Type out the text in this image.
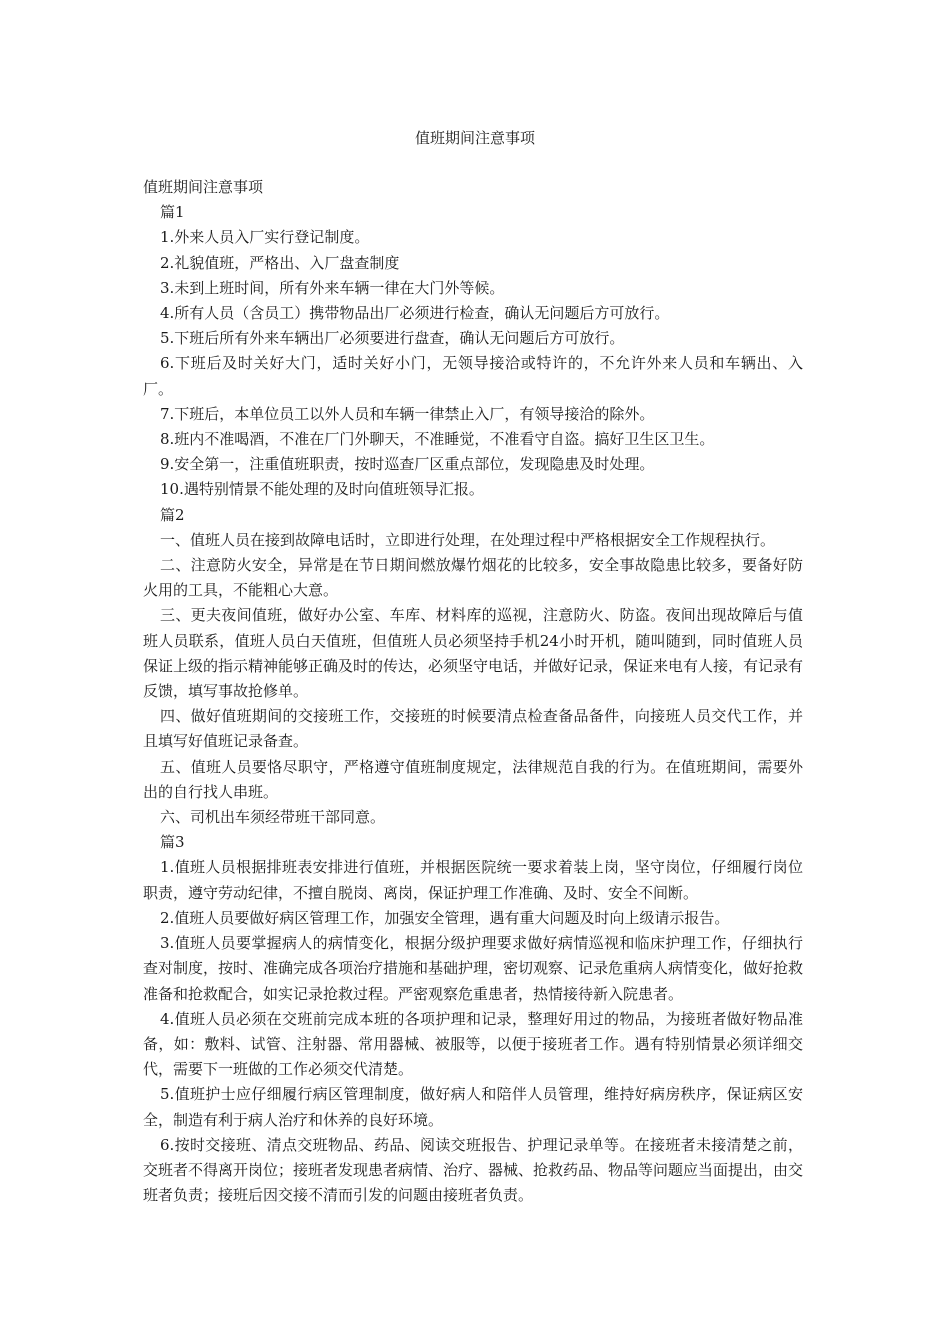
值班期间注意事项

值班期间注意事项

篇1

1.外来人员入厂实行登记制度。

2.礼貌值班，严格出、入厂盘查制度

3.未到上班时间，所有外来车辆一律在大门外等候。

4.所有人员（含员工）携带物品出厂必须进行检查，确认无问题后方可放行。

5.下班后所有外来车辆出厂必须要进行盘查，确认无问题后方可放行。

6.下班后及时关好大门，适时关好小门，无领导接洽或特许的，不允许外来人员和车辆出、入厂。

7.下班后，本单位员工以外人员和车辆一律禁止入厂，有领导接洽的除外。

8.班内不准喝酒，不准在厂门外聊天，不准睡觉，不准看守自盗。搞好卫生区卫生。

9.安全第一，注重值班职责，按时巡查厂区重点部位，发现隐患及时处理。

10.遇特别情景不能处理的及时向值班领导汇报。

篇2

一、值班人员在接到故障电话时，立即进行处理，在处理过程中严格根据安全工作规程执行。

二、注意防火安全，异常是在节日期间燃放爆竹烟花的比较多，安全事故隐患比较多，要备好防火用的工具，不能粗心大意。

三、更夫夜间值班，做好办公室、车库、材料库的巡视，注意防火、防盗。夜间出现故障后与值班人员联系，值班人员白天值班，但值班人员必须坚持手机24小时开机，随叫随到，同时值班人员保证上级的指示精神能够正确及时的传达，必须坚守电话，并做好记录，保证来电有人接，有记录有反馈，填写事故抢修单。

四、做好值班期间的交接班工作，交接班的时候要清点检查备品备件，向接班人员交代工作，并且填写好值班记录备查。

五、值班人员要恪尽职守，严格遵守值班制度规定，法律规范自我的行为。在值班期间，需要外出的自行找人串班。

六、司机出车须经带班干部同意。

篇3

1.值班人员根据排班表安排进行值班，并根据医院统一要求着装上岗，坚守岗位，仔细履行岗位职责，遵守劳动纪律，不擅自脱岗、离岗，保证护理工作准确、及时、安全不间断。

2.值班人员要做好病区管理工作，加强安全管理，遇有重大问题及时向上级请示报告。

3.值班人员要掌握病人的病情变化，根据分级护理要求做好病情巡视和临床护理工作，仔细执行查对制度，按时、准确完成各项治疗措施和基础护理，密切观察、记录危重病人病情变化，做好抢救准备和抢救配合，如实记录抢救过程。严密观察危重患者，热情接待新入院患者。

4.值班人员必须在交班前完成本班的各项护理和记录，整理好用过的物品，为接班者做好物品准备，如：敷料、试管、注射器、常用器械、被服等，以便于接班者工作。遇有特别情景必须详细交代，需要下一班做的工作必须交代清楚。

5.值班护士应仔细履行病区管理制度，做好病人和陪伴人员管理，维持好病房秩序，保证病区安全，制造有利于病人治疗和休养的良好环境。

6.按时交接班、清点交班物品、药品、阅读交班报告、护理记录单等。在接班者未接清楚之前，交班者不得离开岗位；接班者发现患者病情、治疗、器械、抢救药品、物品等问题应当面提出，由交班者负责；接班后因交接不清而引发的问题由接班者负责。
